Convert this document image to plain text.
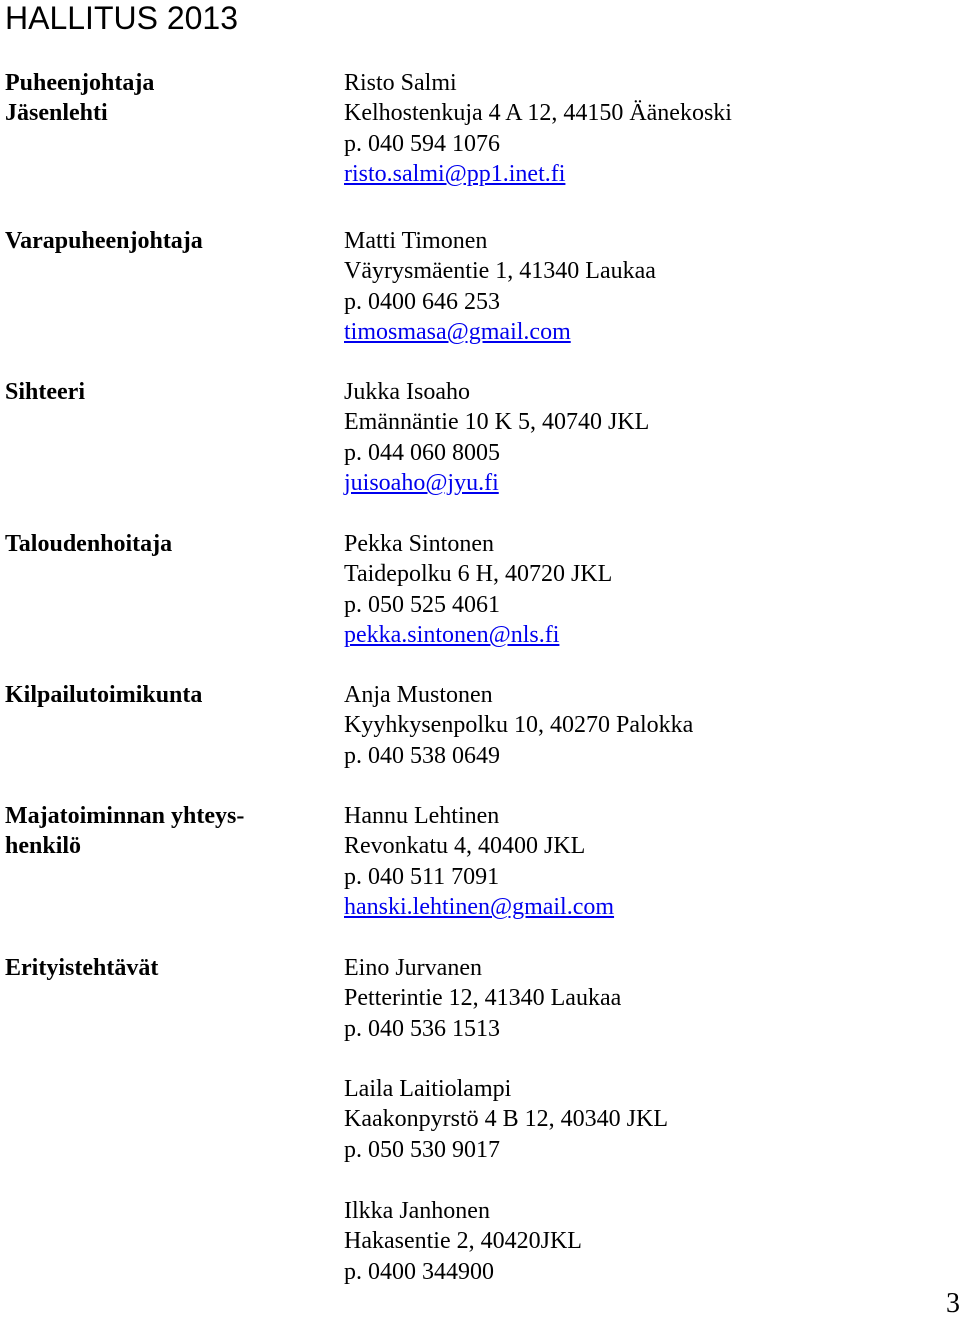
HALLITUS 2013
Puheenjohtaja
Jäsenlehti
Varapuheenjohtaja
Sihteeri
Taloudenhoitaja
Kilpailutoimikunta
Majatoiminnan yhteys-
henkilö
Erityistehtävät
Risto Salmi
Kelhostenkuja 4 A 12, 44150 Äänekoski
p. 040 594 1076
risto.salmi@pp1.inet.fi
Matti Timonen
Väyrysmäentie 1, 41340 Laukaa
p. 0400 646 253
timosmasa@gmail.com
Jukka Isoaho
Emännäntie 10 K 5, 40740 JKL
p. 044 060 8005
juisoaho@jyu.fi
Pekka Sintonen
Taidepolku 6 H, 40720 JKL
p. 050 525 4061
pekka.sintonen@nls.fi
Anja Mustonen
Kyyhkysenpolku 10, 40270 Palokka
p. 040 538 0649
Hannu Lehtinen
Revonkatu 4, 40400 JKL
p. 040 511 7091
hanski.lehtinen@gmail.com
Eino Jurvanen
Petterintie 12, 41340 Laukaa
p. 040 536 1513
Laila Laitiolampi
Kaakonpyrstö 4 B 12, 40340 JKL
p. 050 530 9017
Ilkka Janhonen
Hakasentie 2, 40420JKL
p. 0400 344900
3
